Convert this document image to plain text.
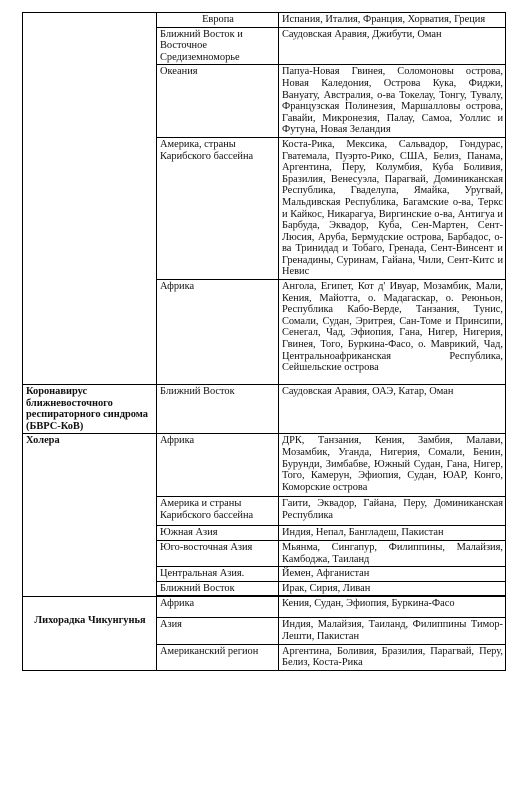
	Европа	Испания, Италия, Франция, Хорватия, Греция
	Ближний Восток и Восточное Средиземноморье	Саудовская Аравия, Джибути, Оман
	Океания	Папуа-Новая Гвинея, Соломоновы острова, Новая Каледония, Острова Кука, Фиджи, Вануату, Австралия, о-ва Токелау, Тонгу, Тувалу, Французская Полинезия, Маршалловы острова, Гавайи, Микронезия, Палау, Самоа, Уоллис и Футуна, Новая Зеландия
	Америка, страны Карибского бассейна	Коста-Рика, Мексика, Сальвадор, Гондурас, Гватемала, Пуэрто-Рико, США, Белиз, Панама, Аргентина, Перу, Колумбия, Куба Боливия, Бразилия, Венесуэла, Парагвай, Доминиканская Республика, Гваделупа, Ямайка, Уругвай, Мальдивская Республика, Багамские о-ва, Теркс и Кайкос, Никарагуа, Виргинские о-ва, Антигуа и Барбуда, Эквадор, Куба, Сен-Мартен, Сент-Люсия, Аруба, Бермудские острова, Барбадос, о-ва Тринидад и Тобаго, Гренада, Сент-Винсент и Гренадины, Суринам, Гайана, Чили, Сент-Китс и Невис
	Африка	Ангола, Египет, Кот д' Ивуар, Мозамбик, Мали, Кения, Майотта, о. Мадагаскар, о. Реюньон, Республика Кабо-Верде, Танзания, Тунис, Сомали, Судан, Эритрея, Сан-Томе и Принсипи, Сенегал, Чад, Эфиопия, Гана, Нигер, Нигерия, Гвинея, Того, Буркина-Фасо, о. Маврикий, Чад, Центральноафриканская Республика, Сейшельские острова
Коронавирус ближневосточного респираторного синдрома (БВРС-КоВ)	Ближний Восток	Саудовская Аравия, ОАЭ, Катар, Оман
Холера	Африка	ДРК, Танзания, Кения, Замбия, Малави, Мозамбик, Уганда, Нигерия, Сомали, Бенин, Бурунди, Зимбабве, Южный Судан, Гана, Нигер, Того, Камерун, Эфиопия, Судан, ЮАР, Конго, Коморские острова
	Америка и страны Карибского бассейна	Гаити, Эквадор, Гайана, Перу, Доминиканская Республика
	Южная Азия	Индия, Непал, Бангладеш, Пакистан
	Юго-восточная Азия	Мьянма, Сингапур, Филиппины, Малайзия, Камбоджа, Таиланд
	Центральная Азия.	Йемен, Афганистан
	Ближний Восток	Ирак, Сирия, Ливан
Лихорадка Чикунгунья	Африка	Кения, Судан, Эфиопия, Буркина-Фасо
	Азия	Индия, Малайзия, Таиланд, Филиппины Тимор-Лешти, Пакистан
	Американский регион	Аргентина, Боливия, Бразилия, Парагвай, Перу, Белиз, Коста-Рика
